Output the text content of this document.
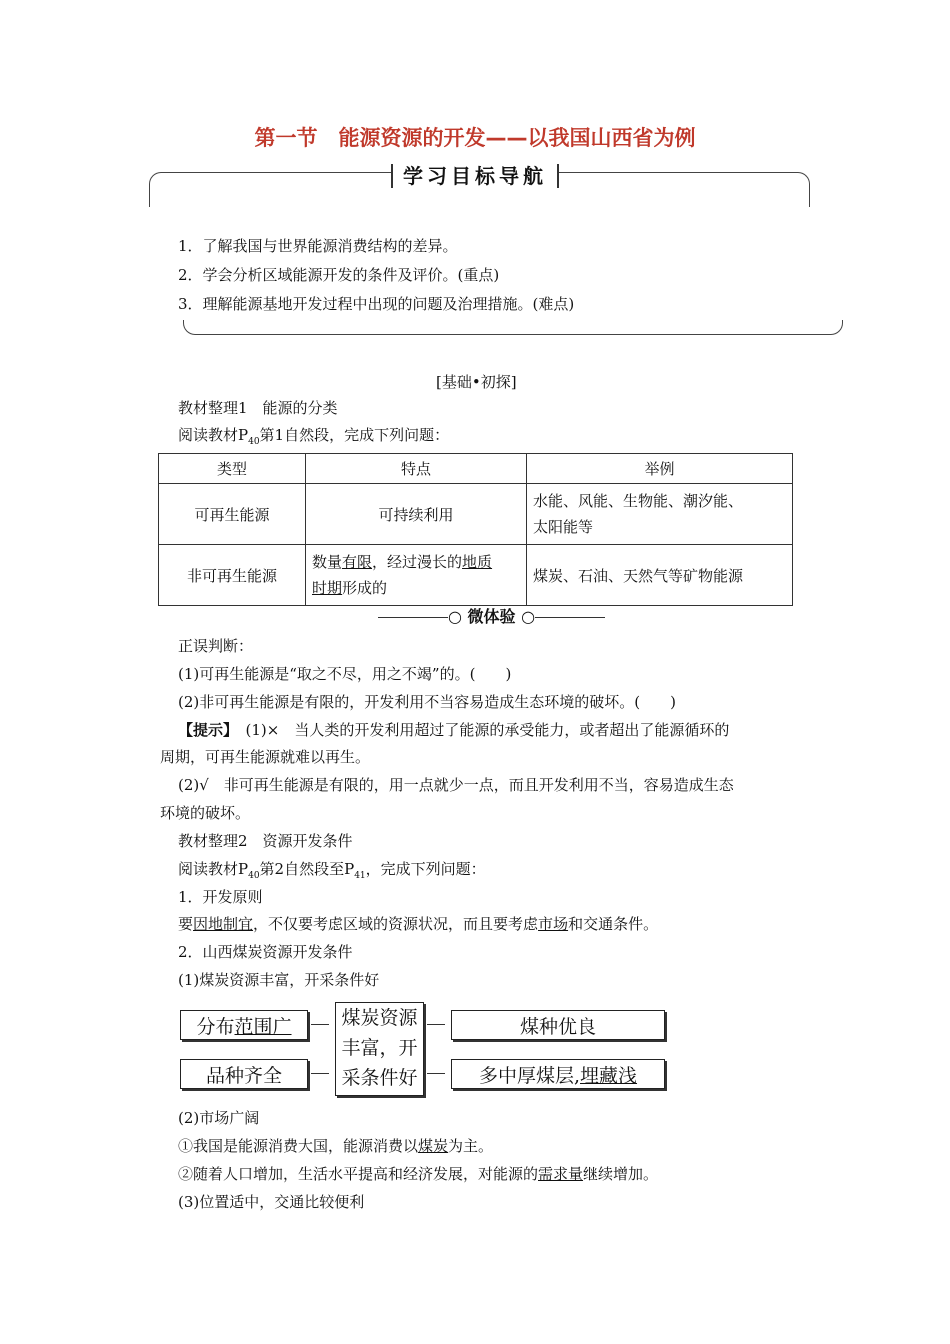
第一节　能源资源的开发——以我国山西省为例
学习目标导航
1．了解我国与世界能源消费结构的差异。
2．学会分析区域能源开发的条件及评价。(重点)
3．理解能源基地开发过程中出现的问题及治理措施。(难点)
[基础•初探]
教材整理1　能源的分类
阅读教材$P_{40}$第1自然段，完成下列问题：
类型	特点	举例
可再生能源	可持续利用	水能、风能、生物能、潮汐能、
太阳能等
非可再生能源	数量有限，经过漫长的地质
时期形成的	煤炭、石油、天然气等矿物能源
○ 微体验 ○
正误判断：
(1)可再生能源是“取之不尽，用之不竭”的。(　　)
(2)非可再生能源是有限的，开发利用不当容易造成生态环境的破坏。(　　)
【提示】　(1)×　当人类的开发利用超过了能源的承受能力，或者超出了能源循环的
周期，可再生能源就难以再生。
(2)√　非可再生能源是有限的，用一点就少一点，而且开发利用不当，容易造成生态
环境的破坏。
教材整理2　资源开发条件
阅读教材$P_{40}$第2自然段至$P_{41}$，完成下列问题：
1．开发原则
要因地制宜，不仅要考虑区域的资源状况，而且要考虑市场和交通条件。
2．山西煤炭资源开发条件
(1)煤炭资源丰富，开采条件好
分布 范围广
品种齐全
煤炭资源
丰富，开
采条件好
煤种优良
多中厚煤层, 埋藏浅
(2)市场广阔
①我国是能源消费大国，能源消费以煤炭为主。
②随着人口增加，生活水平提高和经济发展，对能源的需求量继续增加。
(3)位置适中，交通比较便利
